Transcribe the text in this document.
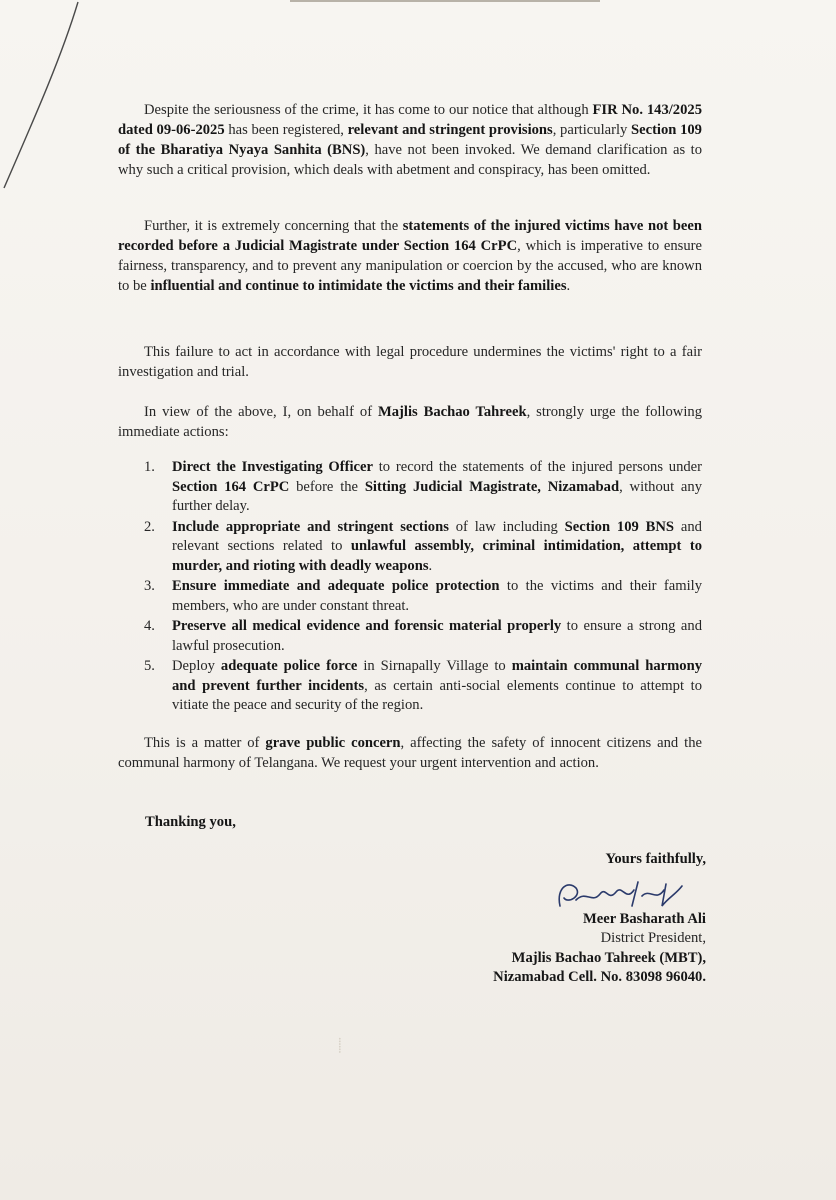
Despite the seriousness of the crime, it has come to our notice that although FIR No. 143/2025 dated 09-06-2025 has been registered, relevant and stringent provisions, particularly Section 109 of the Bharatiya Nyaya Sanhita (BNS), have not been invoked. We demand clarification as to why such a critical provision, which deals with abetment and conspiracy, has been omitted.

Further, it is extremely concerning that the statements of the injured victims have not been recorded before a Judicial Magistrate under Section 164 CrPC, which is imperative to ensure fairness, transparency, and to prevent any manipulation or coercion by the accused, who are known to be influential and continue to intimidate the victims and their families.

This failure to act in accordance with legal procedure undermines the victims' right to a fair investigation and trial.

In view of the above, I, on behalf of Majlis Bachao Tahreek, strongly urge the following immediate actions:

1. Direct the Investigating Officer to record the statements of the injured persons under Section 164 CrPC before the Sitting Judicial Magistrate, Nizamabad, without any further delay.
2. Include appropriate and stringent sections of law including Section 109 BNS and relevant sections related to unlawful assembly, criminal intimidation, attempt to murder, and rioting with deadly weapons.
3. Ensure immediate and adequate police protection to the victims and their family members, who are under constant threat.
4. Preserve all medical evidence and forensic material properly to ensure a strong and lawful prosecution.
5. Deploy adequate police force in Sirnapally Village to maintain communal harmony and prevent further incidents, as certain anti-social elements continue to attempt to vitiate the peace and security of the region.

This is a matter of grave public concern, affecting the safety of innocent citizens and the communal harmony of Telangana. We request your urgent intervention and action.

Thanking you,
Yours faithfully,
Meer Basharath Ali
District President,
Majlis Bachao Tahreek (MBT),
Nizamabad Cell. No. 83098 96040.
⸽
